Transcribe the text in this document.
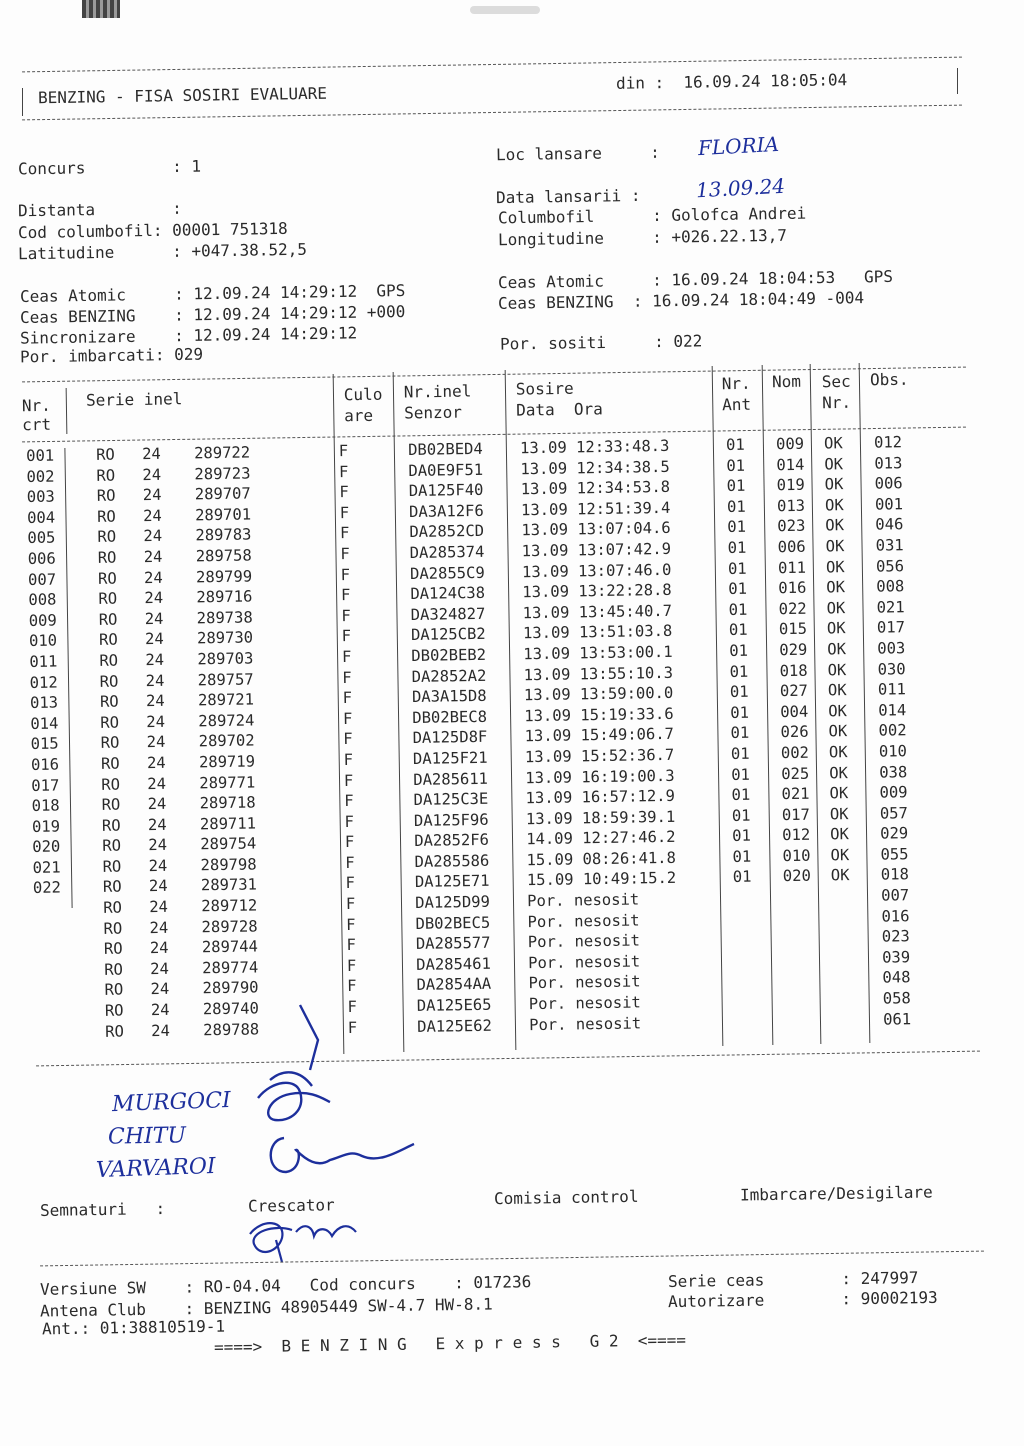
BENZING - FISA SOSIRI EVALUARE
din : 16.09.24 18:05:04
Concurs         : 1
Distanta        :
Cod columbofil: 00001 751318
Latitudine      : +047.38.52,5
Ceas Atomic     : 12.09.24 14:29:12  GPS
Ceas BENZING    : 12.09.24 14:29:12 +000
Sincronizare    : 12.09.24 14:29:12
Por. imbarcati: 029
Loc lansare     : FLORIA
Data lansarii :	13.09.24
Columbofil      : Golofca Andrei
Longitudine     : +026.22.13,7
Ceas Atomic     : 16.09.24 18:04:53   GPS
Ceas BENZING  : 16.09.24 18:04:49 -004
Por. sositi     : 022
Nr.
crt
Serie inel	Culo
are
Nr.inel
Senzor
Sosire
Data  Ora
Nr.
Ant
Nom Sec
Nr.
Obs.
001	RO	24	289722	F		DB02BED4	13.09 12:33:48.3	01	009	OK	012
002	RO	24	289723	F		DA0E9F51	13.09 12:34:38.5	01	014	OK	013
003	RO	24	289707	F		DA125F40	13.09 12:34:53.8	01	019	OK	006
004	RO	24	289701	F		DA3A12F6	13.09 12:51:39.4	01	013	OK	001
005	RO	24	289783	F		DA2852CD	13.09 13:07:04.6	01	023	OK	046
006	RO	24	289758	F		DA285374	13.09 13:07:42.9	01	006	OK	031
007	RO	24	289799	F		DA2855C9	13.09 13:07:46.0	01	011	OK	056
008	RO	24	289716	F		DA124C38	13.09 13:22:28.8	01	016	OK	008
009	RO	24	289738	F		DA324827	13.09 13:45:40.7	01	022	OK	021
010	RO	24	289730	F		DA125CB2	13.09 13:51:03.8	01	015	OK	017
011	RO	24	289703	F		DB02BEB2	13.09 13:53:00.1	01	029	OK	003
012	RO	24	289757	F		DA2852A2	13.09 13:55:10.3	01	018	OK	030
013	RO	24	289721	F		DA3A15D8	13.09 13:59:00.0	01	027	OK	011
014	RO	24	289724	F		DB02BEC8	13.09 15:19:33.6	01	004	OK	014
015	RO	24	289702	F		DA125D8F	13.09 15:49:06.7	01	026	OK	002
016	RO	24	289719	F		DA125F21	13.09 15:52:36.7	01	002	OK	010
017	RO	24	289771	F		DA285611	13.09 16:19:00.3	01	025	OK	038
018	RO	24	289718	F		DA125C3E	13.09 16:57:12.9	01	021	OK	009
019	RO	24	289711	F		DA125F96	13.09 18:59:39.1	01	017	OK	057
020	RO	24	289754	F		DA2852F6	14.09 12:27:46.2	01	012	OK	029
021	RO	24	289798	F		DA285586	15.09 08:26:41.8	01	010	OK	055
022	RO	24	289731	F		DA125E71	15.09 10:49:15.2	01	020	OK	018
	RO	24	289712	F		DA125D99	Por. nesosit				007
	RO	24	289728	F		DB02BEC5	Por. nesosit				016
	RO	24	289744	F		DA285577	Por. nesosit				023
	RO	24	289774	F		DA285461	Por. nesosit				039
	RO	24	289790	F		DA2854AA	Por. nesosit				048
	RO	24	289740	F		DA125E65	Por. nesosit				058
	RO	24	289788	F		DA125E62	Por. nesosit				061
MURGOCI
CHITU
VARVAROI
Semnaturi   :	Crescator	Comisia control	Imbarcare/Desigilare
Versiune SW    : RO-04.04   Cod concurs    : 017236	Serie ceas        : 247997
Antena Club    : BENZING 48905449 SW-4.7 HW-8.1	Autorizare        : 90002193
Ant.: 01:38810519-1
====>  B E N Z I N G   E x p r e s s   G 2  <====
